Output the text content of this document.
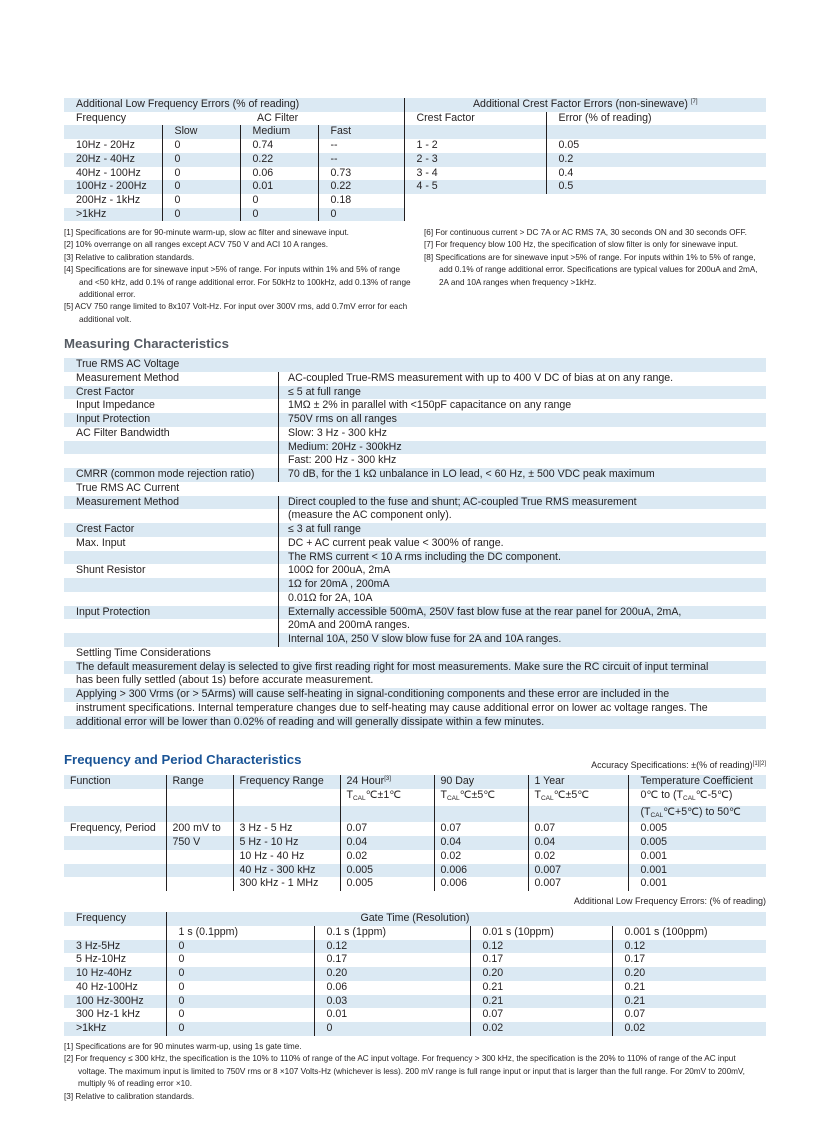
Additional Low Frequency Errors (% of reading)				Additional Crest Factor Errors (non-sinewave) [7]
Frequency	AC Filter			Crest Factor	Error (% of reading)
	Slow	Medium	Fast		
10Hz - 20Hz	0	0.74	--	1 - 2	0.05
20Hz - 40Hz	0	0.22	--	2 - 3	0.2
40Hz - 100Hz	0	0.06	0.73	3 - 4	0.4
100Hz - 200Hz	0	0.01	0.22	4 - 5	0.5
200Hz - 1kHz	0	0	0.18		
>1kHz	0	0	0		
[1] Specifications are for 90-minute warm-up, slow ac filter and sinewave input.
[2] 10% overrange on all ranges except ACV 750 V and ACI 10 A ranges.
[3] Relative to calibration standards.
[4] Specifications are for sinewave input >5% of range. For inputs within 1% and 5% of range and <50 kHz, add 0.1% of range additional error. For 50kHz to 100kHz, add 0.13% of range additional error.
[5] ACV 750 range limited to 8x107 Volt-Hz. For input over 300V rms, add 0.7mV error for each additional volt.
[6] For continuous current > DC 7A or AC RMS 7A, 30 seconds ON and 30 seconds OFF.
[7] For frequency blow 100 Hz, the specification of slow filter is only for sinewave input.
[8] Specifications are for sinewave input >5% of range. For inputs within 1% to 5% of range, add 0.1% of range additional error. Specifications are typical values for 200uA and 2mA, 2A and 10A ranges when frequency >1kHz.
Measuring Characteristics
True RMS AC Voltage	
Measurement Method	AC-coupled True-RMS measurement with up to 400 V DC of bias at on any range.
Crest Factor	≤ 5 at full range
Input Impedance	1MΩ ± 2% in parallel with <150pF capacitance on any range
Input Protection	750V rms on all ranges
AC Filter Bandwidth	Slow: 3 Hz - 300 kHz
	Medium: 20Hz - 300kHz
	Fast: 200 Hz - 300 kHz
CMRR (common mode rejection ratio)	70 dB, for the 1 kΩ unbalance in LO lead, < 60 Hz, ± 500 VDC peak maximum
True RMS AC Current	
Measurement Method	Direct coupled to the fuse and shunt; AC-coupled True RMS measurement
	(measure the AC component only).
Crest Factor	≤ 3 at full range
Max. Input	DC + AC current peak value < 300% of range.
	The RMS current < 10 A rms including the DC component.
Shunt Resistor	100Ω for 200uA, 2mA
	1Ω for 20mA , 200mA
	0.01Ω for 2A, 10A
Input Protection	Externally accessible 500mA, 250V fast blow fuse at the rear panel for 200uA, 2mA,
	20mA and 200mA ranges.
	Internal 10A, 250 V slow blow fuse for 2A and 10A ranges.
Settling Time Considerations	
The default measurement delay is selected to give first reading right for most measurements. Make sure the RC circuit of input terminal	
has been fully settled (about 1s) before accurate measurement.	
Applying > 300 Vrms (or > 5Arms) will cause self-heating in signal-conditioning components and these error are included in the	
instrument specifications. Internal temperature changes due to self-heating may cause additional error on lower ac voltage ranges. The	
additional error will be lower than 0.02% of reading and will generally dissipate within a few minutes.	
Frequency and Period Characteristics	Accuracy Specifications: ±(% of reading)[1][2]
Function	Range	Frequency Range	24 Hour[3]	90 Day	1 Year	Temperature Coefficient
			$T_{CAL}℃\pm 1℃$	$T_{CAL}℃\pm 5℃$	$T_{CAL}℃\pm 5℃$	0℃ to $(T_{CAL}℃-5℃)$
						$(T_{CAL}℃+5℃)$ to 50℃
Frequency, Period	200 mV to	3 Hz - 5 Hz	0.07	0.07	0.07	0.005
	750 V	5 Hz - 10 Hz	0.04	0.04	0.04	0.005
		10 Hz - 40 Hz	0.02	0.02	0.02	0.001
		40 Hz - 300 kHz	0.005	0.006	0.007	0.001
		300 kHz - 1 MHz	0.005	0.006	0.007	0.001
Additional Low Frequency Errors: (% of reading)
Frequency	Gate Time (Resolution)			
	1 s (0.1ppm)	0.1 s (1ppm)	0.01 s (10ppm)	0.001 s (100ppm)
3 Hz-5Hz	0	0.12	0.12	0.12
5 Hz-10Hz	0	0.17	0.17	0.17
10 Hz-40Hz	0	0.20	0.20	0.20
40 Hz-100Hz	0	0.06	0.21	0.21
100 Hz-300Hz	0	0.03	0.21	0.21
300 Hz-1 kHz	0	0.01	0.07	0.07
>1kHz	0	0	0.02	0.02
[1] Specifications are for 90 minutes warm-up, using 1s gate time.
[2] For frequency ≤ 300 kHz, the specification is the 10% to 110% of range of the AC input voltage. For frequency > 300 kHz, the specification is the 20% to 110% of range of the AC input voltage. The maximum input is limited to 750V rms or 8 ×107 Volts-Hz (whichever is less). 200 mV range is full range input or input that is larger than the full range. For 20mV to 200mV, multiply % of reading error ×10.
[3] Relative to calibration standards.
